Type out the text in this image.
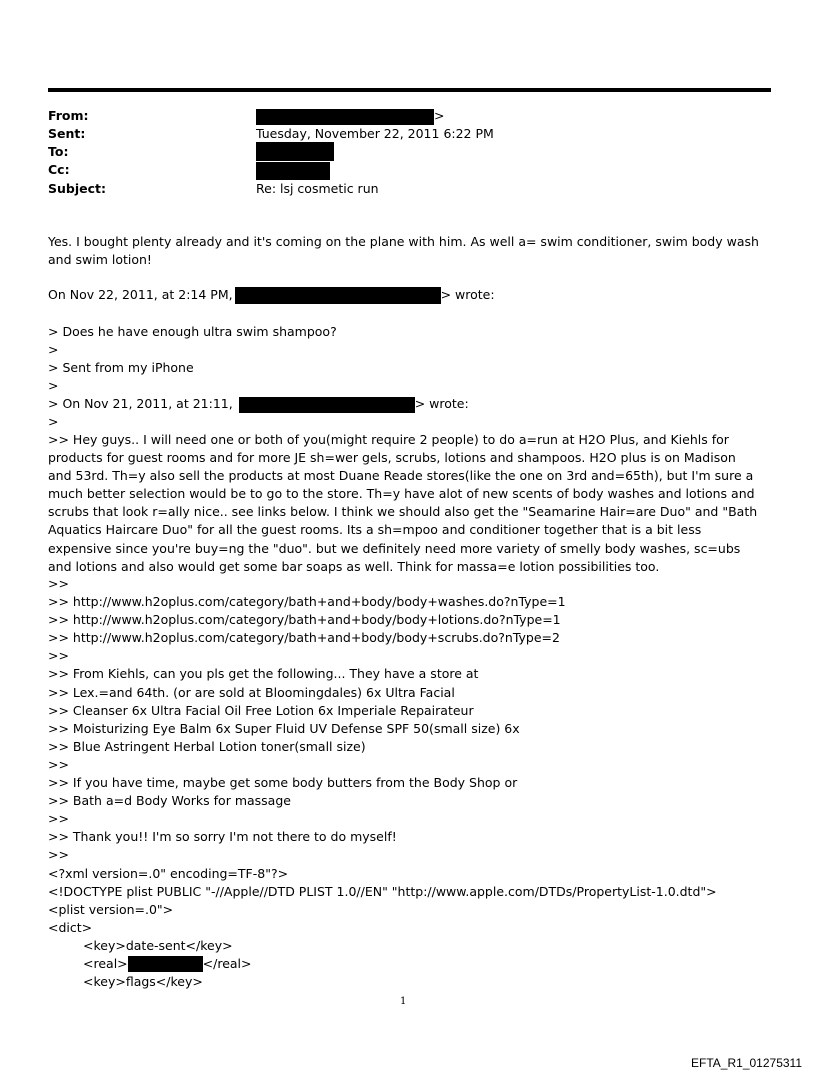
From:	>
Sent:	Tuesday, November 22, 2011 6:22 PM
To:
Cc:
Subject:	Re: lsj cosmetic run
Yes. I bought plenty already and it's coming on the plane with him. As well a= swim conditioner, swim body wash and swim lotion!
On Nov 22, 2011, at 2:14 PM,	> wrote:
> Does he have enough ultra swim shampoo?
>
> Sent from my iPhone
>
> On Nov 21, 2011, at 21:11,	> wrote:
>
>> Hey guys.. I will need one or both of you(might require 2 people) to do a=run at H2O Plus, and Kiehls for products for guest rooms and for more JE sh=wer gels, scrubs, lotions and shampoos. H2O plus is on Madison and 53rd. Th=y also sell the products at most Duane Reade stores(like the one on 3rd and=65th), but I'm sure a much better selection would be to go to the store. Th=y have alot of new scents of body washes and lotions and scrubs that look r=ally nice.. see links below. I think we should also get the "Seamarine Hair=are Duo" and "Bath Aquatics Haircare Duo" for all the guest rooms. Its a sh=mpoo and conditioner together that is a bit less expensive since you're buy=ng the "duo". but we definitely need more variety of smelly body washes, sc=ubs and lotions and also would get some bar soaps as well. Think for massa=e lotion possibilities too.
>>
>> http://www.h2oplus.com/category/bath+and+body/body+washes.do?nType=1
>> http://www.h2oplus.com/category/bath+and+body/body+lotions.do?nType=1
>> http://www.h2oplus.com/category/bath+and+body/body+scrubs.do?nType=2
>>
>> From Kiehls, can you pls get the following... They have a store at
>> Lex.=and 64th. (or are sold at Bloomingdales) 6x Ultra Facial
>> Cleanser 6x Ultra Facial Oil Free Lotion 6x Imperiale Repairateur
>> Moisturizing Eye Balm 6x Super Fluid UV Defense SPF 50(small size) 6x
>> Blue Astringent Herbal Lotion toner(small size)
>>
>> If you have time, maybe get some body butters from the Body Shop or
>> Bath a=d Body Works for massage
>>
>> Thank you!! I'm so sorry I'm not there to do myself!
>>
<?xml version=.0" encoding=TF-8"?>
<!DOCTYPE plist PUBLIC "-//Apple//DTD PLIST 1.0//EN" "http://www.apple.com/DTDs/PropertyList-1.0.dtd">
<plist version=.0">
<dict>
<key>date-sent</key>
<real>	</real>
<key>flags</key>
1
EFTA_R1_01275311
